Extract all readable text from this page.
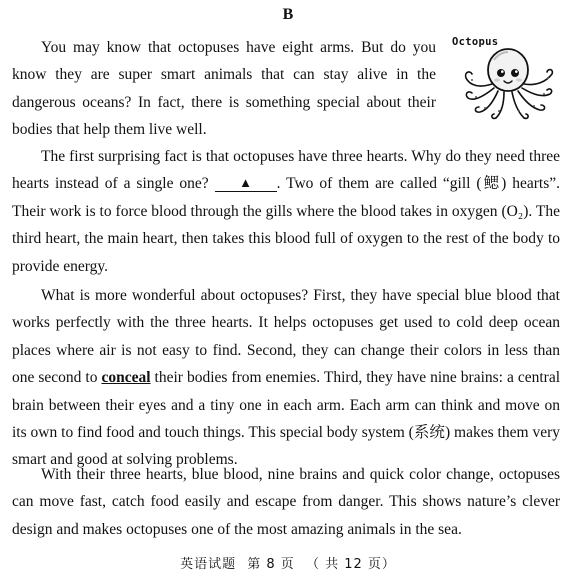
B
Octopus

You may know that octopuses have eight arms. But do you know they are super smart animals that can stay alive in the dangerous oceans? In fact, there is something special about their bodies that help them live well.

The first surprising fact is that octopuses have three hearts. Why do they need three hearts instead of a single one? ▲ . Two of them are called “gill (鳃) hearts”. Their work is to force blood through the gills where the blood takes in oxygen (O₂). The third heart, the main heart, then takes this blood full of oxygen to the rest of the body to provide energy.

What is more wonderful about octopuses? First, they have special blue blood that works perfectly with the three hearts. It helps octopuses get used to cold deep ocean places where air is not easy to find. Second, they can change their colors in less than one second to conceal their bodies from enemies. Third, they have nine brains: a central brain between their eyes and a tiny one in each arm. Each arm can think and move on its own to find food and touch things. This special body system (系统) makes them very smart and good at solving problems.

With their three hearts, blue blood, nine brains and quick color change, octopuses can move fast, catch food easily and escape from danger. This shows nature’s clever design and makes octopuses one of the most amazing animals in the sea.

英语试题 第 8 页 （ 共 12 页）
